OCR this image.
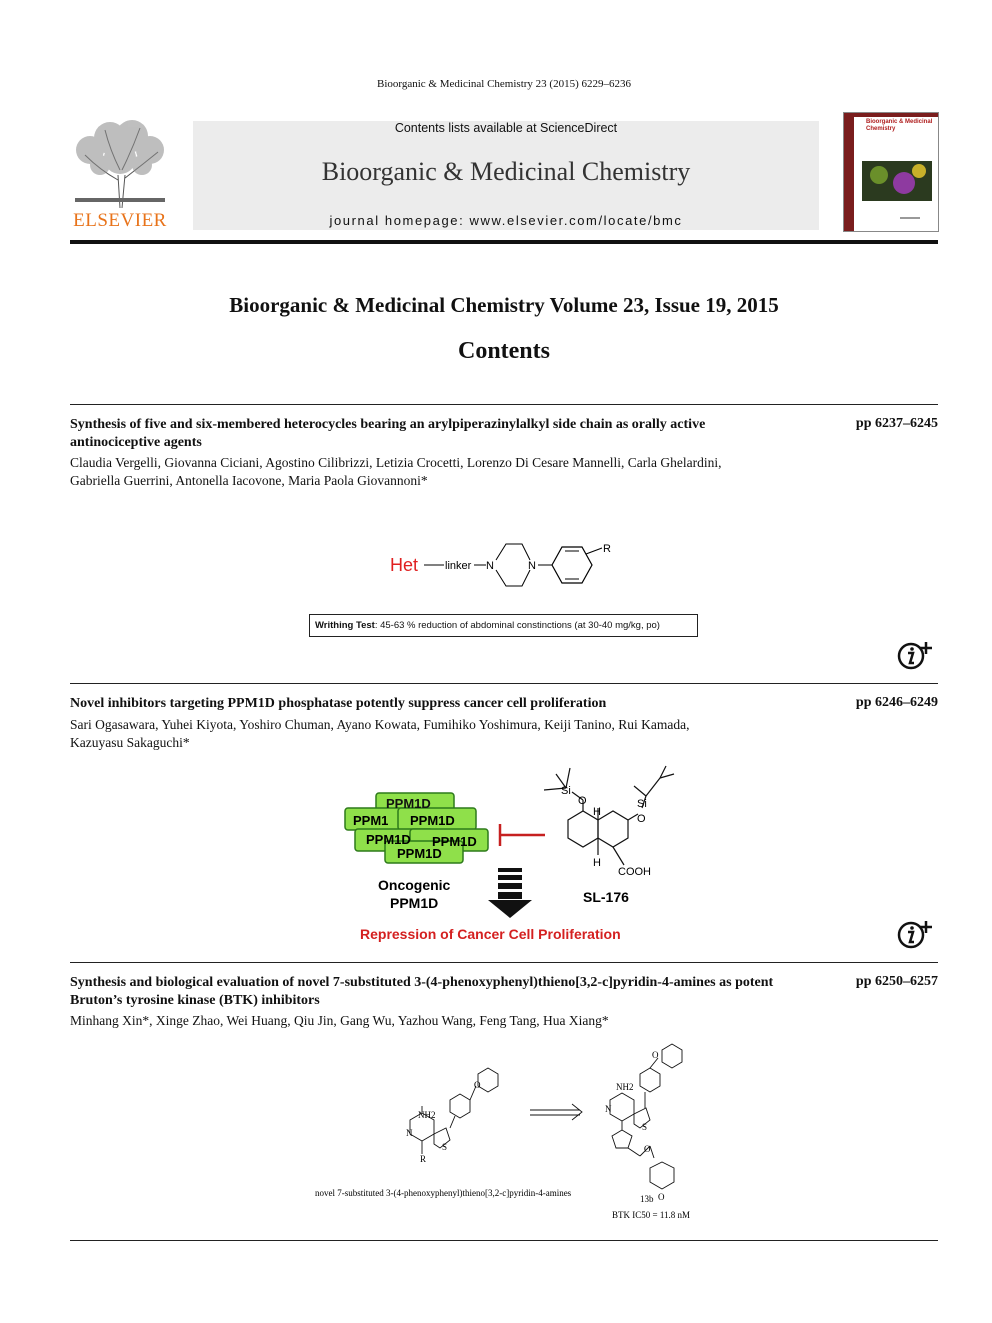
Bioorganic & Medicinal Chemistry 23 (2015) 6229–6236
ELSEVIER
Contents lists available at ScienceDirect
Bioorganic & Medicinal Chemistry
journal homepage: www.elsevier.com/locate/bmc
Bioorganic & Medicinal Chemistry
Bioorganic & Medicinal Chemistry Volume 23, Issue 19, 2015
Contents
Synthesis of five and six-membered heterocycles bearing an arylpiperazinylalkyl side chain as orally active
antinociceptive agents
pp 6237–6245
Claudia Vergelli, Giovanna Ciciani, Agostino Cilibrizzi, Letizia Crocetti, Lorenzo Di Cesare Mannelli, Carla Ghelardini,
Gabriella Guerrini, Antonella Iacovone, Maria Paola Giovannoni*
Het linker N	N
R
Writhing Test: 45-63 % reduction of abdominal constinctions (at 30-40 mg/kg, po)
Novel inhibitors targeting PPM1D phosphatase potently suppress cancer cell proliferation	pp 6246–6249
Sari Ogasawara, Yuhei Kiyota, Yoshiro Chuman, Ayano Kowata, Fumihiko Yoshimura, Keiji Tanino, Rui Kamada,
Kazuyasu Sakaguchi*
PPM1D
PPM1 PPM1D
PPM1D
PPM1D
PPM1D
Oncogenic
PPM1D
Repression of Cancer Cell Proliferation
Si
O	Si
O
H
H
COOH
SL-176
Synthesis and biological evaluation of novel 7-substituted 3-(4-phenoxyphenyl)thieno[3,2-c]pyridin-4-amines as potent
Bruton’s tyrosine kinase (BTK) inhibitors
pp 6250–6257
Minhang Xin*, Xinge Zhao, Wei Huang, Qiu Jin, Gang Wu, Yazhou Wang, Feng Tang, Hua Xiang*
NH2
N
S
O
R
NH2
N
S
O
O
O
novel 7-substituted 3-(4-phenoxyphenyl)thieno[3,2-c]pyridin-4-amines
13b
BTK IC50 = 11.8 nM
